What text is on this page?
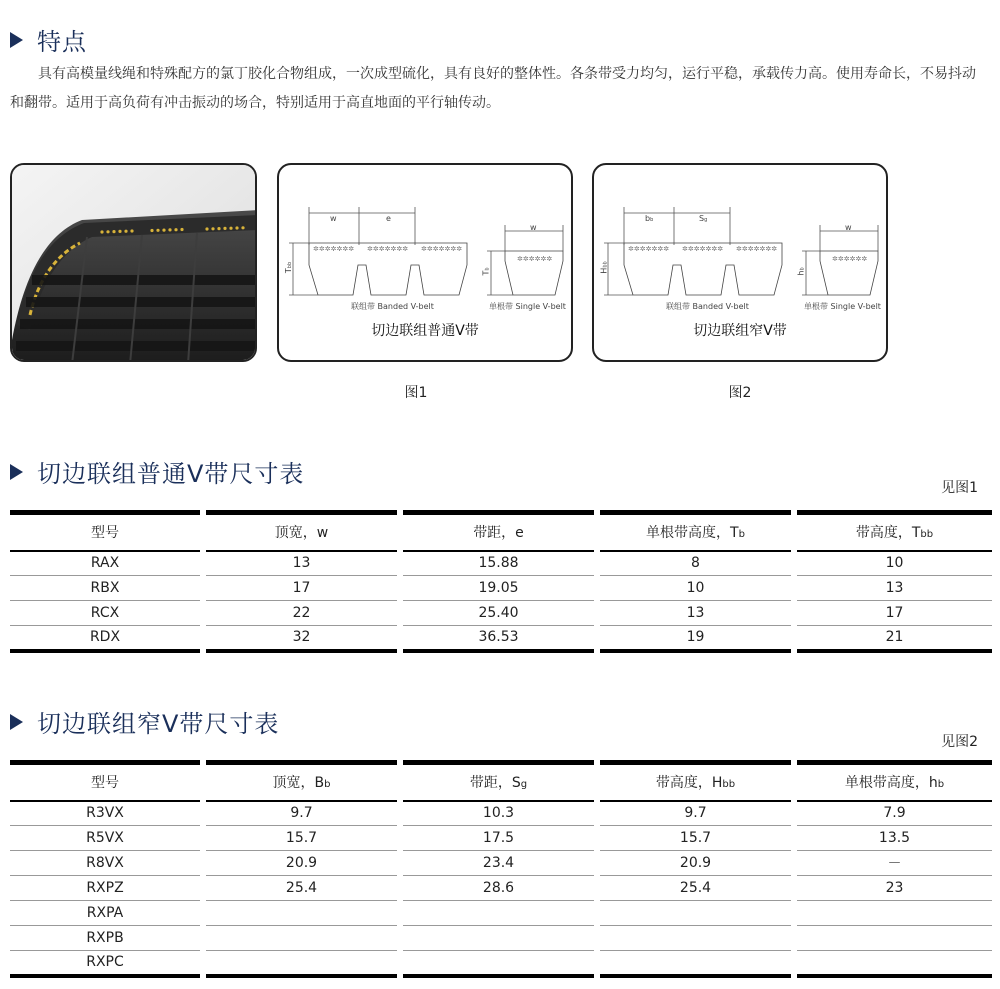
特点

具有高模量线绳和特殊配方的氯丁胶化合物组成，一次成型硫化，具有良好的整体性。各条带受力均匀，运行平稳，承载传力高。使用寿命长，不易抖动和翻带。适用于高负荷有冲击振动的场合，特别适用于高直地面的平行轴传动。

✲✲✲✲✲✲✲ ✲✲✲✲✲✲✲ ✲✲✲✲✲✲✲
✲✲✲✲✲✲
w	e
Tbb
Tb
w
联组带 Banded V-belt	单根带 Single V-belt
切边联组普通V带
图1
✲✲✲✲✲✲✲ ✲✲✲✲✲✲✲ ✲✲✲✲✲✲✲
✲✲✲✲✲✲
bb	Sg
Hbb
hb
w
联组带 Banded V-belt	单根带 Single V-belt
切边联组窄V带
图2
切边联组普通V带尺寸表	见图1
型号	顶宽，w	带距，e	单根带高度，Tb	带高度，Tbb
RAX	13	15.88	8	10
RBX	17	19.05	10	13
RCX	22	25.40	13	17
RDX	32	36.53	19	21
切边联组窄V带尺寸表
见图2
型号	顶宽，Bb	带距，Sg	带高度，Hbb	单根带高度，hb
R3VX	9.7	10.3	9.7	7.9
R5VX	15.7	17.5	15.7	13.5
R8VX	20.9	23.4	20.9	－
RXPZ	25.4	28.6	25.4	23
RXPA				
RXPB				
RXPC				
